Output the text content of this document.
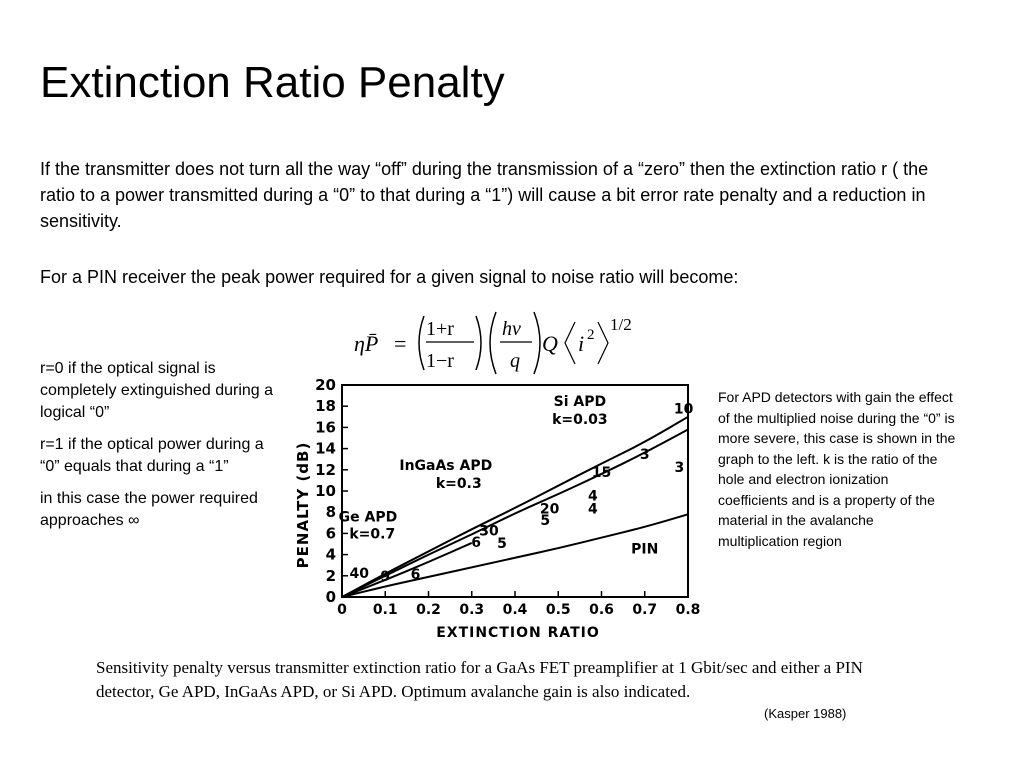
Extinction Ratio Penalty

If the transmitter does not turn all the way “off” during the transmission of a “zero” then the extinction ratio r ( the ratio to a power transmitted during a “0” to that during a “1”) will cause a bit error rate penalty and a reduction in sensitivity.

For a PIN receiver the peak power required for a given signal to noise ratio will become:

ηP̄ =
1+r
1−r
hν
q
Q i 2
1/2

r=0 if the optical signal is completely extinguished during a logical “0”

r=1 if the optical power during a “0” equals that during a “1”

in this case the power required approaches ∞

For APD detectors with gain the effect of the multiplied noise during the “0” is more severe, this case is shown in the graph to the left. k is the ratio of the hole and electron ionization coefficients and is a property of the material in the avalanche multiplication region

PENALTY (dB)
EXTINCTION RATIO
0
2
4
6
8
10
12
14
16
18
20
0 0.1 0.2 0.3 0.4 0.5 0.6 0.7 0.8
Si APD
k=0.03
InGaAs APD
k=0.3
Ge APD
k=0.7
PIN
10
3
3
15
4
4
20
5
30
6 5
40 9 6

Sensitivity penalty versus transmitter extinction ratio for a GaAs FET preamplifier at 1 Gbit/sec and either a PIN detector, Ge APD, InGaAs APD, or Si APD. Optimum avalanche gain is also indicated.

(Kasper 1988)
